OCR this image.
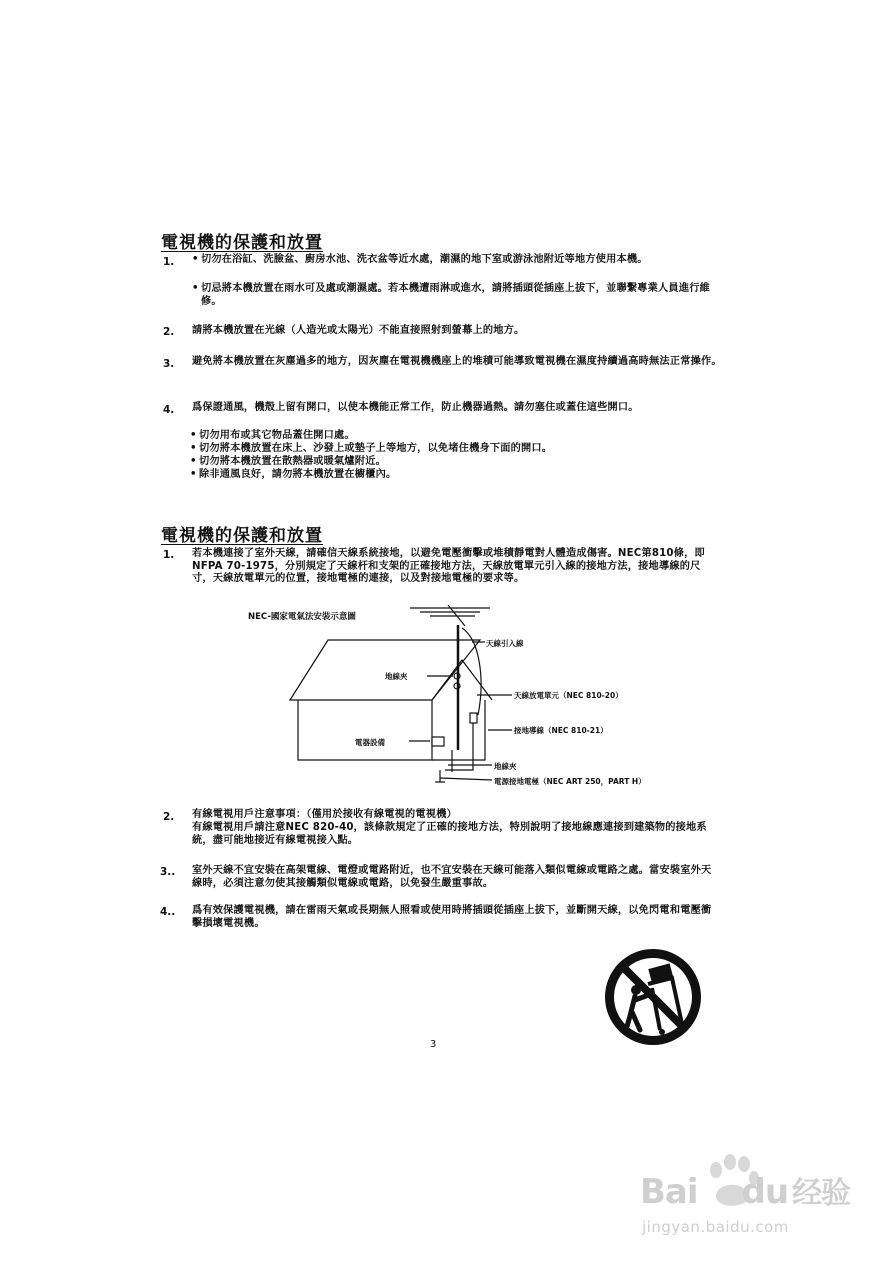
電視機的保護和放置
1.
•	切勿在浴缸、洗臉盆、廚房水池、洗衣盆等近水處，潮濕的地下室或游泳池附近等地方使用本機。
• 切忌將本機放置在雨水可及處或潮濕處。若本機遭雨淋或進水，請將插頭從插座上拔下，並聯繫專業人員進行維修。
2. 請將本機放置在光線（人造光或太陽光）不能直接照射到螢幕上的地方。
3. 避免將本機放置在灰塵過多的地方，因灰塵在電視機機座上的堆積可能導致電視機在濕度持續過高時無法正常操作。
4. 爲保證通風，機殼上留有開口，以使本機能正常工作，防止機器過熱。請勿塞住或蓋住這些開口。
• 切勿用布或其它物品蓋住開口處。
• 切勿將本機放置在床上、沙發上或墊子上等地方，以免堵住機身下面的開口。
• 切勿將本機放置在散熱器或暖氣爐附近。
• 除非通風良好，請勿將本機放置在櫥櫃內。
電視機的保護和放置
1. 若本機連接了室外天線，請確信天線系統接地，以避免電壓衝擊或堆積靜電對人體造成傷害。NEC第810條，即NFPA 70-1975，分別規定了天線杆和支架的正確接地方法，天線放電單元引入線的接地方法，接地導線的尺寸，天線放電單元的位置，接地電極的連接，以及對接地電極的要求等。
NEC-國家電氣法安裝示意圖
天線引入線
地線夾
天線放電單元（NEC 810-20）
接地導線（NEC 810-21）
電器設備
地線夾
電源接地電極（NEC ART 250，PART H）
2. 有線電視用戶注意事項：（僅用於接收有線電視的電視機）
有線電視用戶請注意NEC 820-40，該條款規定了正確的接地方法，特別說明了接地線應連接到建築物的接地系統，盡可能地接近有線電視接入點。
3.. 室外天線不宜安裝在高架電線、電燈或電路附近，也不宜安裝在天線可能落入類似電線或電路之處。當安裝室外天線時，必須注意勿使其接觸類似電線或電路，以免發生嚴重事故。
4.. 爲有效保護電視機，請在雷雨天氣或長期無人照看或使用時將插頭從插座上拔下，並斷開天線，以免閃電和電壓衝擊損壞電視機。
3
Bai du 经验
jingyan.baidu.com
